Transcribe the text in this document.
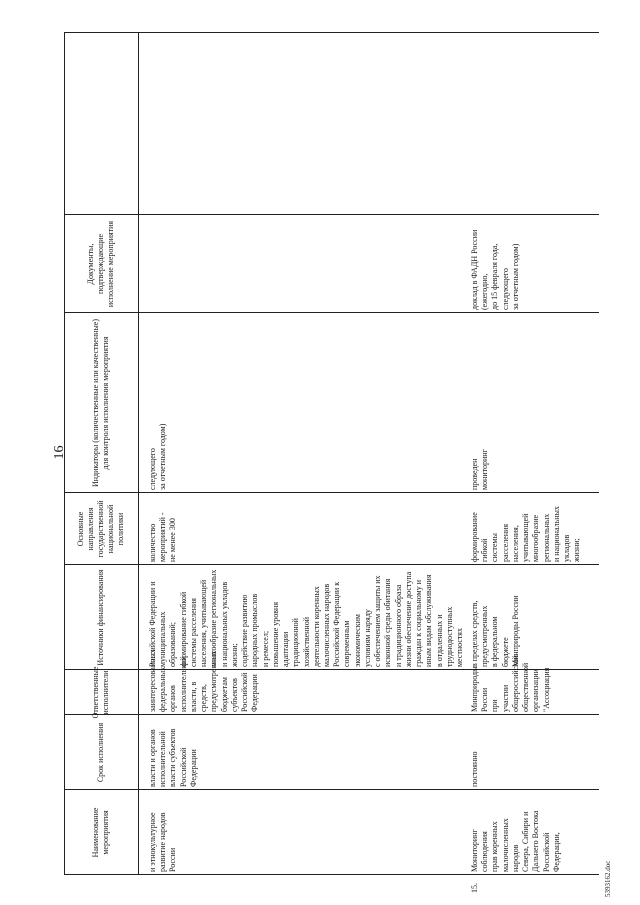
16
5393162.doc
Наименование мероприятия
Срок исполнения
Ответственные исполнители
Источники финансирования
Основные направления государственной национальной политики
Индикаторы (количественные или качественные) для контроля исполнения мероприятия
Документы, подтверждающие исполнение мероприятия
и этнокультурное развитие народов России
власти и органов исполнительной власти субъектов Российской Федерации
заинтересованных федеральных органов исполнительной власти, в средств, предусмотренных бюджетам субъектов Российской Федерации
Российской Федерации и муниципальных образований; формирование гибкой системы расселения населения, учитывающей многообразие региональных и национальных укладов жизни; содействие развитию народных промыслов и ремесел; повышение уровня адаптации традиционной хозяйственной деятельности коренных малочисленных народов Российской Федерации к современным экономическим условиям наряду с обеспечением защиты их исконной среды обитания и традиционного образа жизни обеспечение доступа граждан к социальному и иным видам обслуживания в отдаленных и труднодоступных местностях
количество мероприятий - не менее 300
следующего за отчетным годом)
Мониторинг соблюдения прав коренных малочисленных народов Севера, Сибири и Дальнего Востока Российской Федерации,
постоянно
Минприроды России при участии общероссийской общественной организации "Ассоциация
в пределах средств, предусмотренных в федеральном бюджете Минприроды России
формирование гибкой системы расселения населения, учитывающей многообразие региональных и национальных укладов жизни;
проведен мониторинг
доклад в ФАДН России (ежегодно, до 15 февраля года, следующего за отчетным годом)
15.
